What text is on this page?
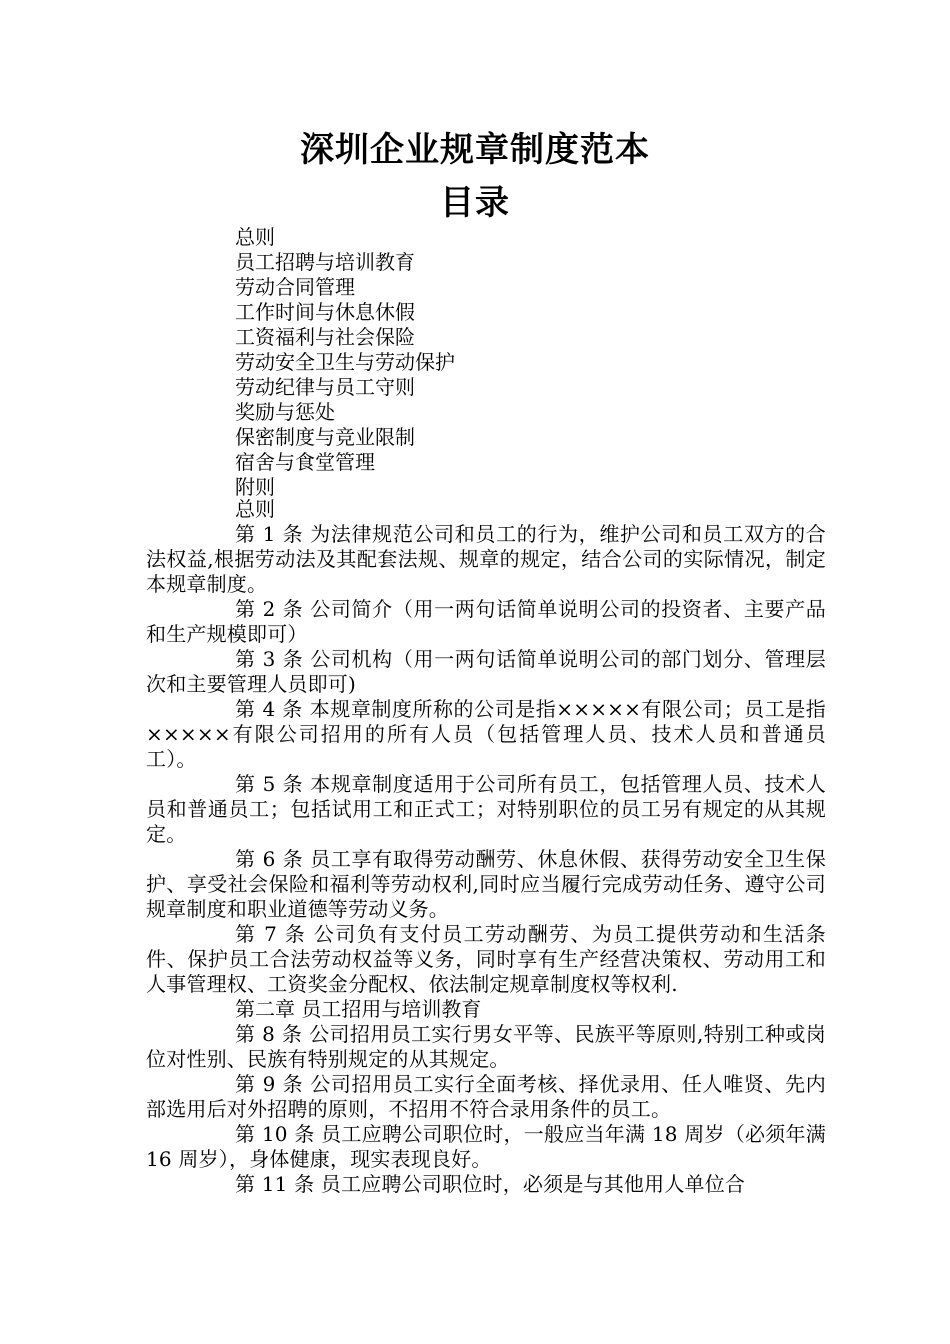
深圳企业规章制度范本
目录
总则
员工招聘与培训教育
劳动合同管理
工作时间与休息休假
工资福利与社会保险
劳动安全卫生与劳动保护
劳动纪律与员工守则
奖励与惩处
保密制度与竞业限制
宿舍与食堂管理
附则

总则

第 1 条 为法律规范公司和员工的行为，维护公司和员工双方的合法权益,根据劳动法及其配套法规、规章的规定，结合公司的实际情况，制定本规章制度。

第 2 条 公司简介（用一两句话简单说明公司的投资者、主要产品和生产规模即可）

第 3 条 公司机构（用一两句话简单说明公司的部门划分、管理层次和主要管理人员即可)

第 4 条 本规章制度所称的公司是指×××××有限公司；员工是指×××××有限公司招用的所有人员（包括管理人员、技术人员和普通员工）。

第 5 条 本规章制度适用于公司所有员工，包括管理人员、技术人员和普通员工；包括试用工和正式工；对特别职位的员工另有规定的从其规定。

第 6 条 员工享有取得劳动酬劳、休息休假、获得劳动安全卫生保护、享受社会保险和福利等劳动权利,同时应当履行完成劳动任务、遵守公司规章制度和职业道德等劳动义务。

第 7 条 公司负有支付员工劳动酬劳、为员工提供劳动和生活条件、保护员工合法劳动权益等义务，同时享有生产经营决策权、劳动用工和人事管理权、工资奖金分配权、依法制定规章制度权等权利.

第二章 员工招用与培训教育

第 8 条 公司招用员工实行男女平等、民族平等原则,特别工种或岗位对性别、民族有特别规定的从其规定。

第 9 条 公司招用员工实行全面考核、择优录用、任人唯贤、先内部选用后对外招聘的原则，不招用不符合录用条件的员工。

第 10 条 员工应聘公司职位时，一般应当年满 18 周岁（必须年满 16 周岁），身体健康，现实表现良好。

第 11 条 员工应聘公司职位时，必须是与其他用人单位合
